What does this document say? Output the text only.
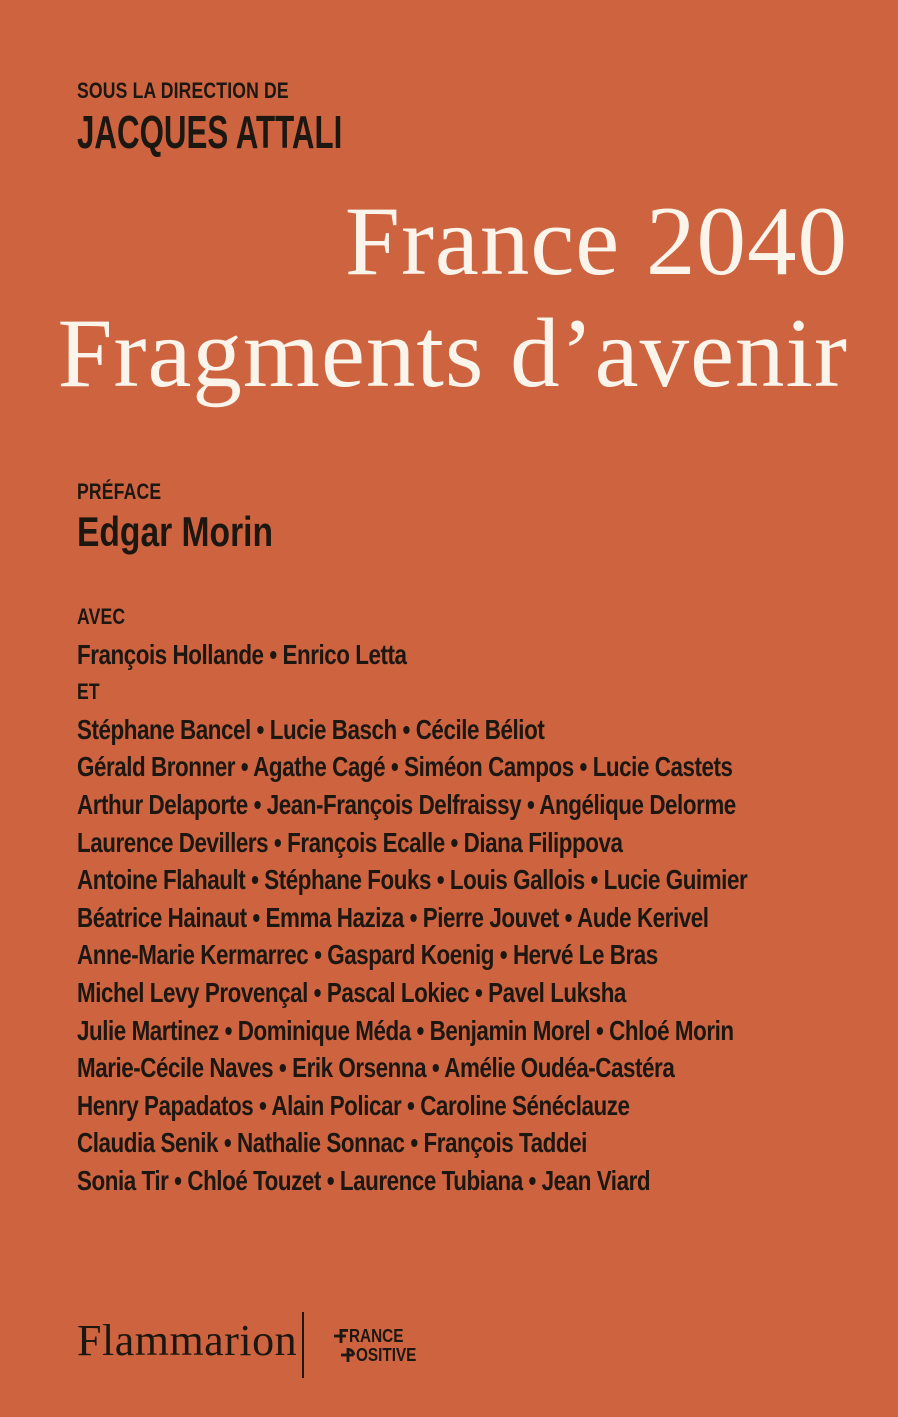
SOUS LA DIRECTION DE
JACQUES ATTALI
France 2040
Fragments d’avenir
PRÉFACE
Edgar Morin
AVEC
François Hollande • Enrico Letta
ET
Stéphane Bancel • Lucie Basch • Cécile Béliot
Gérald Bronner • Agathe Cagé • Siméon Campos • Lucie Castets
Arthur Delaporte • Jean-François Delfraissy • Angélique Delorme
Laurence Devillers • François Ecalle • Diana Filippova
Antoine Flahault • Stéphane Fouks • Louis Gallois • Lucie Guimier
Béatrice Hainaut • Emma Haziza • Pierre Jouvet • Aude Kerivel
Anne-Marie Kermarrec • Gaspard Koenig • Hervé Le Bras
Michel Levy Provençal • Pascal Lokiec • Pavel Luksha
Julie Martinez • Dominique Méda • Benjamin Morel • Chloé Morin
Marie-Cécile Naves • Erik Orsenna • Amélie Oudéa-Castéra
Henry Papadatos • Alain Policar • Caroline Sénéclauze
Claudia Senik • Nathalie Sonnac • François Taddei
Sonia Tir • Chloé Touzet • Laurence Tubiana • Jean Viard
Flammarion	RANCE
OSITIVE
